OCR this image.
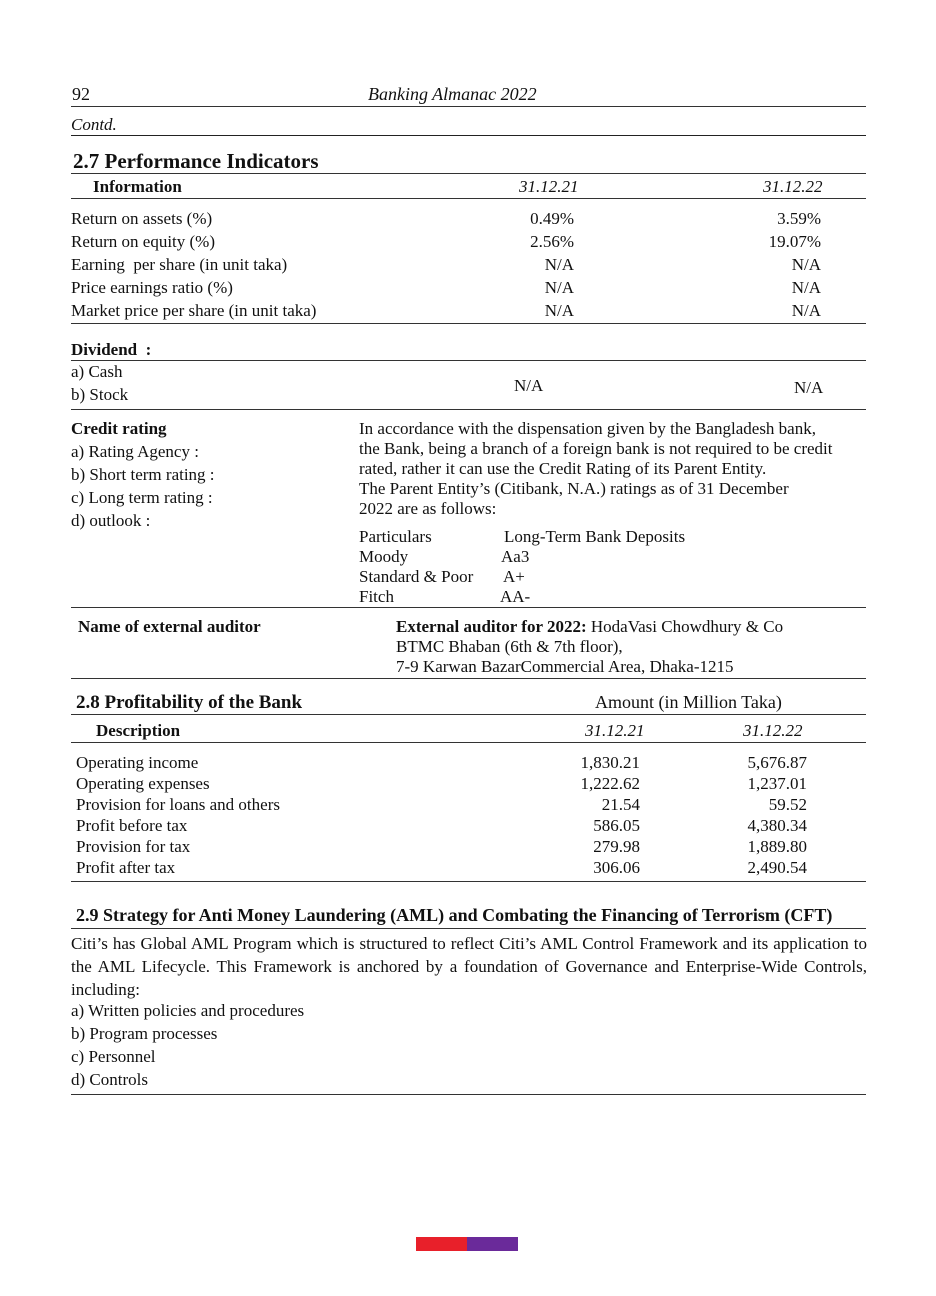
92	Banking Almanac 2022
Contd.
2.7 Performance Indicators
Information	31.12.21	31.12.22
Return on assets (%)	0.49%	3.59%
Return on equity (%)	2.56%	19.07%
Earning  per share (in unit taka)	N/A	N/A
Price earnings ratio (%)	N/A	N/A
Market price per share (in unit taka)	N/A	N/A
Dividend  :
a) Cash
b) Stock	N/A	N/A
Credit rating
a) Rating Agency :
b) Short term rating :
c) Long term rating :
d) outlook :
In accordance with the dispensation given by the Bangladesh bank,
the Bank, being a branch of a foreign bank is not required to be credit
rated, rather it can use the Credit Rating of its Parent Entity.
The Parent Entity’s (Citibank, N.A.) ratings as of 31 December
2022 are as follows:
Particulars	Long-Term Bank Deposits
Moody	Aa3
Standard & Poor A+
Fitch	AA-
Name of external auditor	External auditor for 2022: HodaVasi Chowdhury & Co
BTMC Bhaban (6th & 7th floor),
7-9 Karwan BazarCommercial Area, Dhaka-1215
2.8 Profitability of the Bank	Amount (in Million Taka)
Description	31.12.21	31.12.22
Operating income	1,830.21	5,676.87
Operating expenses	1,222.62	1,237.01
Provision for loans and others	21.54	59.52
Profit before tax	586.05	4,380.34
Provision for tax	279.98	1,889.80
Profit after tax	306.06	2,490.54
2.9 Strategy for Anti Money Laundering (AML) and Combating the Financing of Terrorism (CFT)
Citi’s has Global AML Program which is structured to reflect Citi’s AML Control Framework and its application to the AML Lifecycle. This Framework is anchored by a foundation of Governance and Enterprise-Wide Controls, including:
a) Written policies and procedures
b) Program processes
c) Personnel
d) Controls
